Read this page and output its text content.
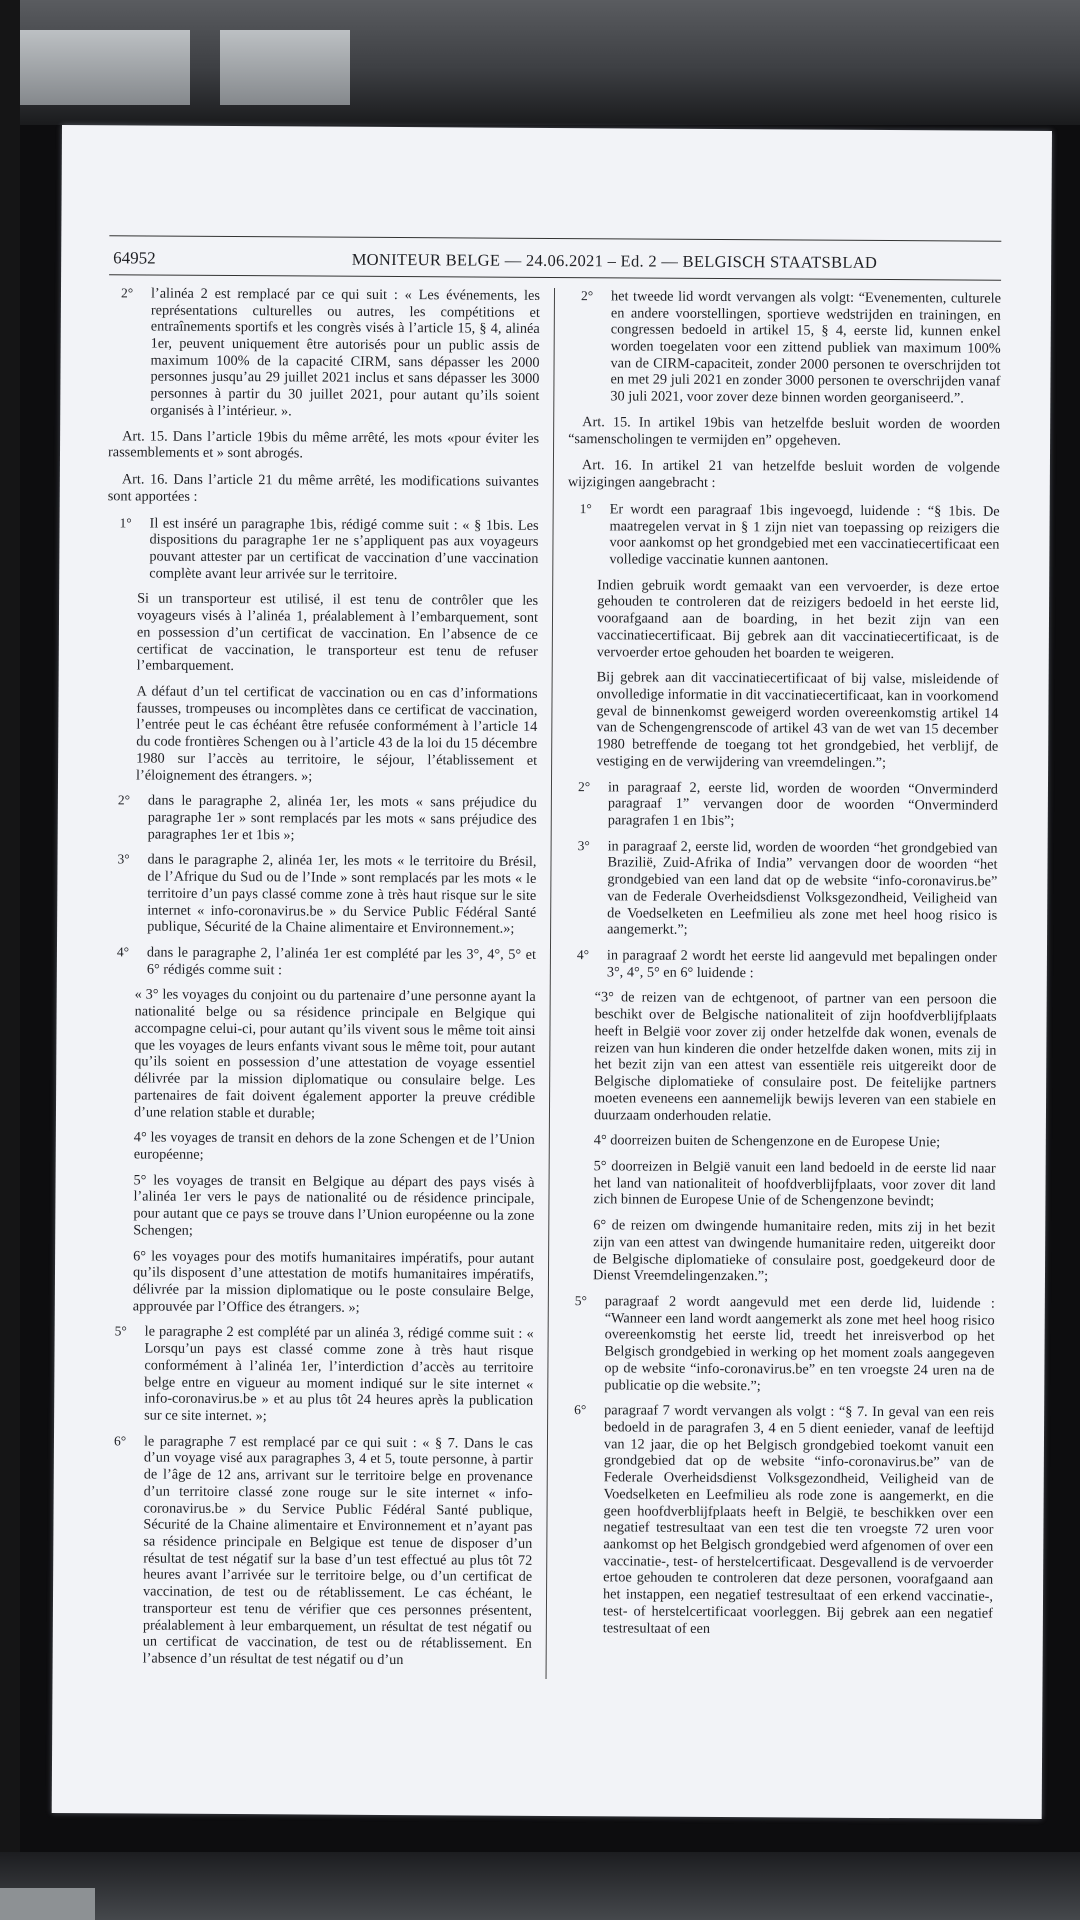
64952	MONITEUR BELGE — 24.06.2021 – Ed. 2 — BELGISCH STAATSBLAD
2°	l’alinéa 2 est remplacé par ce qui suit : « Les événements, les représentations culturelles ou autres, les compétitions et entraînements sportifs et les congrès visés à l’article 15, § 4, alinéa 1er, peuvent uniquement être autorisés pour un public assis de maximum 100% de la capacité CIRM, sans dépasser les 2000 personnes jusqu’au 29 juillet 2021 inclus et sans dépasser les 3000 personnes à partir du 30 juillet 2021, pour autant qu’ils soient organisés à l’intérieur. ».
Art. 15. Dans l’article 19bis du même arrêté, les mots «pour éviter les rassemblements et » sont abrogés.
Art. 16. Dans l’article 21 du même arrêté, les modifications suivantes sont apportées :
1°	Il est inséré un paragraphe 1bis, rédigé comme suit : « § 1bis. Les dispositions du paragraphe 1er ne s’appliquent pas aux voyageurs pouvant attester par un certificat de vaccination d’une vaccination complète avant leur arrivée sur le territoire.
Si un transporteur est utilisé, il est tenu de contrôler que les voyageurs visés à l’alinéa 1, préalablement à l’embarquement, sont en possession d’un certificat de vaccination. En l’absence de ce certificat de vaccination, le transporteur est tenu de refuser l’embarquement.
A défaut d’un tel certificat de vaccination ou en cas d’informations fausses, trompeuses ou incomplètes dans ce certificat de vaccination, l’entrée peut le cas échéant être refusée conformément à l’article 14 du code frontières Schengen ou à l’article 43 de la loi du 15 décembre 1980 sur l’accès au territoire, le séjour, l’établissement et l’éloignement des étrangers. »;
2°	dans le paragraphe 2, alinéa 1er, les mots « sans préjudice du paragraphe 1er » sont remplacés par les mots « sans préjudice des paragraphes 1er et 1bis »;
3°	dans le paragraphe 2, alinéa 1er, les mots « le territoire du Brésil, de l’Afrique du Sud ou de l’Inde » sont remplacés par les mots « le territoire d’un pays classé comme zone à très haut risque sur le site internet « info-coronavirus.be » du Service Public Fédéral Santé publique, Sécurité de la Chaine alimentaire et Environnement.»;
4°	dans le paragraphe 2, l’alinéa 1er est complété par les 3°, 4°, 5° et 6° rédigés comme suit :
« 3° les voyages du conjoint ou du partenaire d’une personne ayant la nationalité belge ou sa résidence principale en Belgique qui accompagne celui-ci, pour autant qu’ils vivent sous le même toit ainsi que les voyages de leurs enfants vivant sous le même toit, pour autant qu’ils soient en possession d’une attestation de voyage essentiel délivrée par la mission diplomatique ou consulaire belge. Les partenaires de fait doivent également apporter la preuve crédible d’une relation stable et durable;
4° les voyages de transit en dehors de la zone Schengen et de l’Union européenne;
5° les voyages de transit en Belgique au départ des pays visés à l’alinéa 1er vers le pays de nationalité ou de résidence principale, pour autant que ce pays se trouve dans l’Union européenne ou la zone Schengen;
6° les voyages pour des motifs humanitaires impératifs, pour autant qu’ils disposent d’une attestation de motifs humanitaires impératifs, délivrée par la mission diplomatique ou le poste consulaire Belge, approuvée par l’Office des étrangers. »;
5°	le paragraphe 2 est complété par un alinéa 3, rédigé comme suit : « Lorsqu’un pays est classé comme zone à très haut risque conformément à l’alinéa 1er, l’interdiction d’accès au territoire belge entre en vigueur au moment indiqué sur le site internet « info-coronavirus.be » et au plus tôt 24 heures après la publication sur ce site internet. »;
6°	le paragraphe 7 est remplacé par ce qui suit : « § 7. Dans le cas d’un voyage visé aux paragraphes 3, 4 et 5, toute personne, à partir de l’âge de 12 ans, arrivant sur le territoire belge en provenance d’un territoire classé zone rouge sur le site internet « info-coronavirus.be » du Service Public Fédéral Santé publique, Sécurité de la Chaine alimentaire et Environnement et n’ayant pas sa résidence principale en Belgique est tenue de disposer d’un résultat de test négatif sur la base d’un test effectué au plus tôt 72 heures avant l’arrivée sur le territoire belge, ou d’un certificat de vaccination, de test ou de rétablissement. Le cas échéant, le transporteur est tenu de vérifier que ces personnes présentent, préalablement à leur embarquement, un résultat de test négatif ou un certificat de vaccination, de test ou de rétablissement. En l’absence d’un résultat de test négatif ou d’un
2°	het tweede lid wordt vervangen als volgt: “Evenementen, culturele en andere voorstellingen, sportieve wedstrijden en trainingen, en congressen bedoeld in artikel 15, § 4, eerste lid, kunnen enkel worden toegelaten voor een zittend publiek van maximum 100% van de CIRM-capaciteit, zonder 2000 personen te overschrijden tot en met 29 juli 2021 en zonder 3000 personen te overschrijden vanaf 30 juli 2021, voor zover deze binnen worden georganiseerd.”.
Art. 15. In artikel 19bis van hetzelfde besluit worden de woorden “samenscholingen te vermijden en” opgeheven.
Art. 16. In artikel 21 van hetzelfde besluit worden de volgende wijzigingen aangebracht :
1°	Er wordt een paragraaf 1bis ingevoegd, luidende : “§ 1bis. De maatregelen vervat in § 1 zijn niet van toepassing op reizigers die voor aankomst op het grondgebied met een vaccinatiecertificaat een volledige vaccinatie kunnen aantonen.
Indien gebruik wordt gemaakt van een vervoerder, is deze ertoe gehouden te controleren dat de reizigers bedoeld in het eerste lid, voorafgaand aan de boarding, in het bezit zijn van een vaccinatiecertificaat. Bij gebrek aan dit vaccinatiecertificaat, is de vervoerder ertoe gehouden het boarden te weigeren.
Bij gebrek aan dit vaccinatiecertificaat of bij valse, misleidende of onvolledige informatie in dit vaccinatiecertificaat, kan in voorkomend geval de binnenkomst geweigerd worden overeenkomstig artikel 14 van de Schengengrenscode of artikel 43 van de wet van 15 december 1980 betreffende de toegang tot het grondgebied, het verblijf, de vestiging en de verwijdering van vreemdelingen.”;
2°	in paragraaf 2, eerste lid, worden de woorden “Onverminderd paragraaf 1” vervangen door de woorden “Onverminderd paragrafen 1 en 1bis”;
3°	in paragraaf 2, eerste lid, worden de woorden “het grondgebied van Brazilië, Zuid-Afrika of India” vervangen door de woorden “het grondgebied van een land dat op de website “info-coronavirus.be” van de Federale Overheidsdienst Volksgezondheid, Veiligheid van de Voedselketen en Leefmilieu als zone met heel hoog risico is aangemerkt.”;
4°	in paragraaf 2 wordt het eerste lid aangevuld met bepalingen onder 3°, 4°, 5° en 6° luidende :
“3° de reizen van de echtgenoot, of partner van een persoon die beschikt over de Belgische nationaliteit of zijn hoofdverblijfplaats heeft in België voor zover zij onder hetzelfde dak wonen, evenals de reizen van hun kinderen die onder hetzelfde daken wonen, mits zij in het bezit zijn van een attest van essentiële reis uitgereikt door de Belgische diplomatieke of consulaire post. De feitelijke partners moeten eveneens een aannemelijk bewijs leveren van een stabiele en duurzaam onderhouden relatie.
4° doorreizen buiten de Schengenzone en de Europese Unie;
5° doorreizen in België vanuit een land bedoeld in de eerste lid naar het land van nationaliteit of hoofdverblijfplaats, voor zover dit land zich binnen de Europese Unie of de Schengenzone bevindt;
6° de reizen om dwingende humanitaire reden, mits zij in het bezit zijn van een attest van dwingende humanitaire reden, uitgereikt door de Belgische diplomatieke of consulaire post, goedgekeurd door de Dienst Vreemdelingenzaken.”;
5°	paragraaf 2 wordt aangevuld met een derde lid, luidende : “Wanneer een land wordt aangemerkt als zone met heel hoog risico overeenkomstig het eerste lid, treedt het inreisverbod op het Belgisch grondgebied in werking op het moment zoals aangegeven op de website “info-coronavirus.be” en ten vroegste 24 uren na de publicatie op die website.”;
6°	paragraaf 7 wordt vervangen als volgt : “§ 7. In geval van een reis bedoeld in de paragrafen 3, 4 en 5 dient eenieder, vanaf de leeftijd van 12 jaar, die op het Belgisch grondgebied toekomt vanuit een grondgebied dat op de website “info-coronavirus.be” van de Federale Overheidsdienst Volksgezondheid, Veiligheid van de Voedselketen en Leefmilieu als rode zone is aangemerkt, en die geen hoofdverblijfplaats heeft in België, te beschikken over een negatief testresultaat van een test die ten vroegste 72 uren voor aankomst op het Belgisch grondgebied werd afgenomen of over een vaccinatie-, test- of herstelcertificaat. Desgevallend is de vervoerder ertoe gehouden te controleren dat deze personen, voorafgaand aan het instappen, een negatief testresultaat of een erkend vaccinatie-, test- of herstelcertificaat voorleggen. Bij gebrek aan een negatief testresultaat of een
